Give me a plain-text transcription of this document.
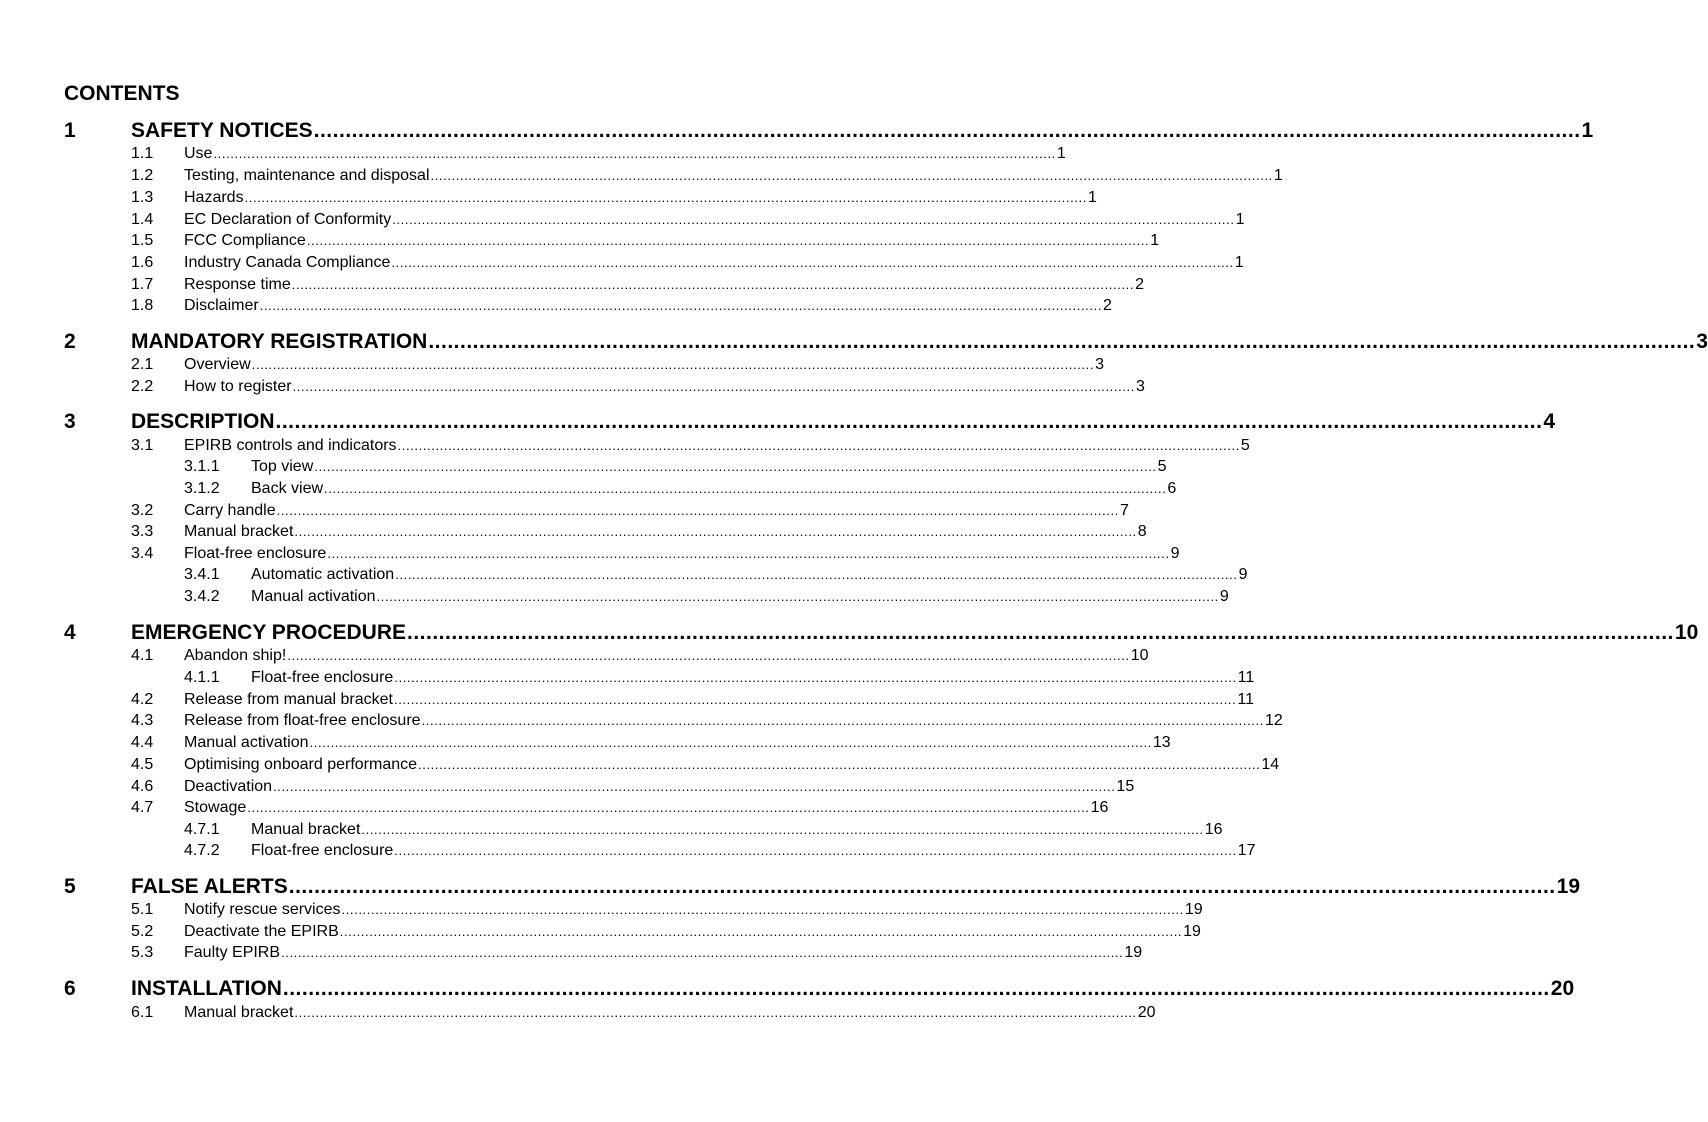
CONTENTS
1	SAFETY NOTICES ........................................................................................................................................................................................................ 1
1.1 Use ........................................................................................................................................................................................................ 1
1.2 Testing, maintenance and disposal ........................................................................................................................................................................................................ 1
1.3 Hazards ........................................................................................................................................................................................................ 1
1.4 EC Declaration of Conformity ........................................................................................................................................................................................................ 1
1.5 FCC Compliance ........................................................................................................................................................................................................ 1
1.6 Industry Canada Compliance ........................................................................................................................................................................................................ 1
1.7 Response time ........................................................................................................................................................................................................ 2
1.8 Disclaimer ........................................................................................................................................................................................................ 2
2	MANDATORY REGISTRATION ........................................................................................................................................................................................................ 3
2.1 Overview ........................................................................................................................................................................................................ 3
2.2 How to register ........................................................................................................................................................................................................ 3
3	DESCRIPTION ........................................................................................................................................................................................................ 4
3.1 EPIRB controls and indicators ........................................................................................................................................................................................................ 5
3.1.1 Top view ........................................................................................................................................................................................................ 5
3.1.2 Back view ........................................................................................................................................................................................................ 6
3.2 Carry handle ........................................................................................................................................................................................................ 7
3.3 Manual bracket ........................................................................................................................................................................................................ 8
3.4 Float-free enclosure ........................................................................................................................................................................................................ 9
3.4.1 Automatic activation ........................................................................................................................................................................................................ 9
3.4.2 Manual activation ........................................................................................................................................................................................................ 9
4	EMERGENCY PROCEDURE ........................................................................................................................................................................................................ 10
4.1 Abandon ship! ........................................................................................................................................................................................................ 10
4.1.1 Float-free enclosure ........................................................................................................................................................................................................ 11
4.2 Release from manual bracket ........................................................................................................................................................................................................ 11
4.3 Release from float-free enclosure ........................................................................................................................................................................................................ 12
4.4 Manual activation ........................................................................................................................................................................................................ 13
4.5 Optimising onboard performance ........................................................................................................................................................................................................ 14
4.6 Deactivation ........................................................................................................................................................................................................ 15
4.7 Stowage ........................................................................................................................................................................................................ 16
4.7.1 Manual bracket ........................................................................................................................................................................................................ 16
4.7.2 Float-free enclosure ........................................................................................................................................................................................................ 17
5	FALSE ALERTS ........................................................................................................................................................................................................ 19
5.1 Notify rescue services ........................................................................................................................................................................................................ 19
5.2 Deactivate the EPIRB ........................................................................................................................................................................................................ 19
5.3 Faulty EPIRB ........................................................................................................................................................................................................ 19
6	INSTALLATION ........................................................................................................................................................................................................ 20
6.1 Manual bracket ........................................................................................................................................................................................................ 20
